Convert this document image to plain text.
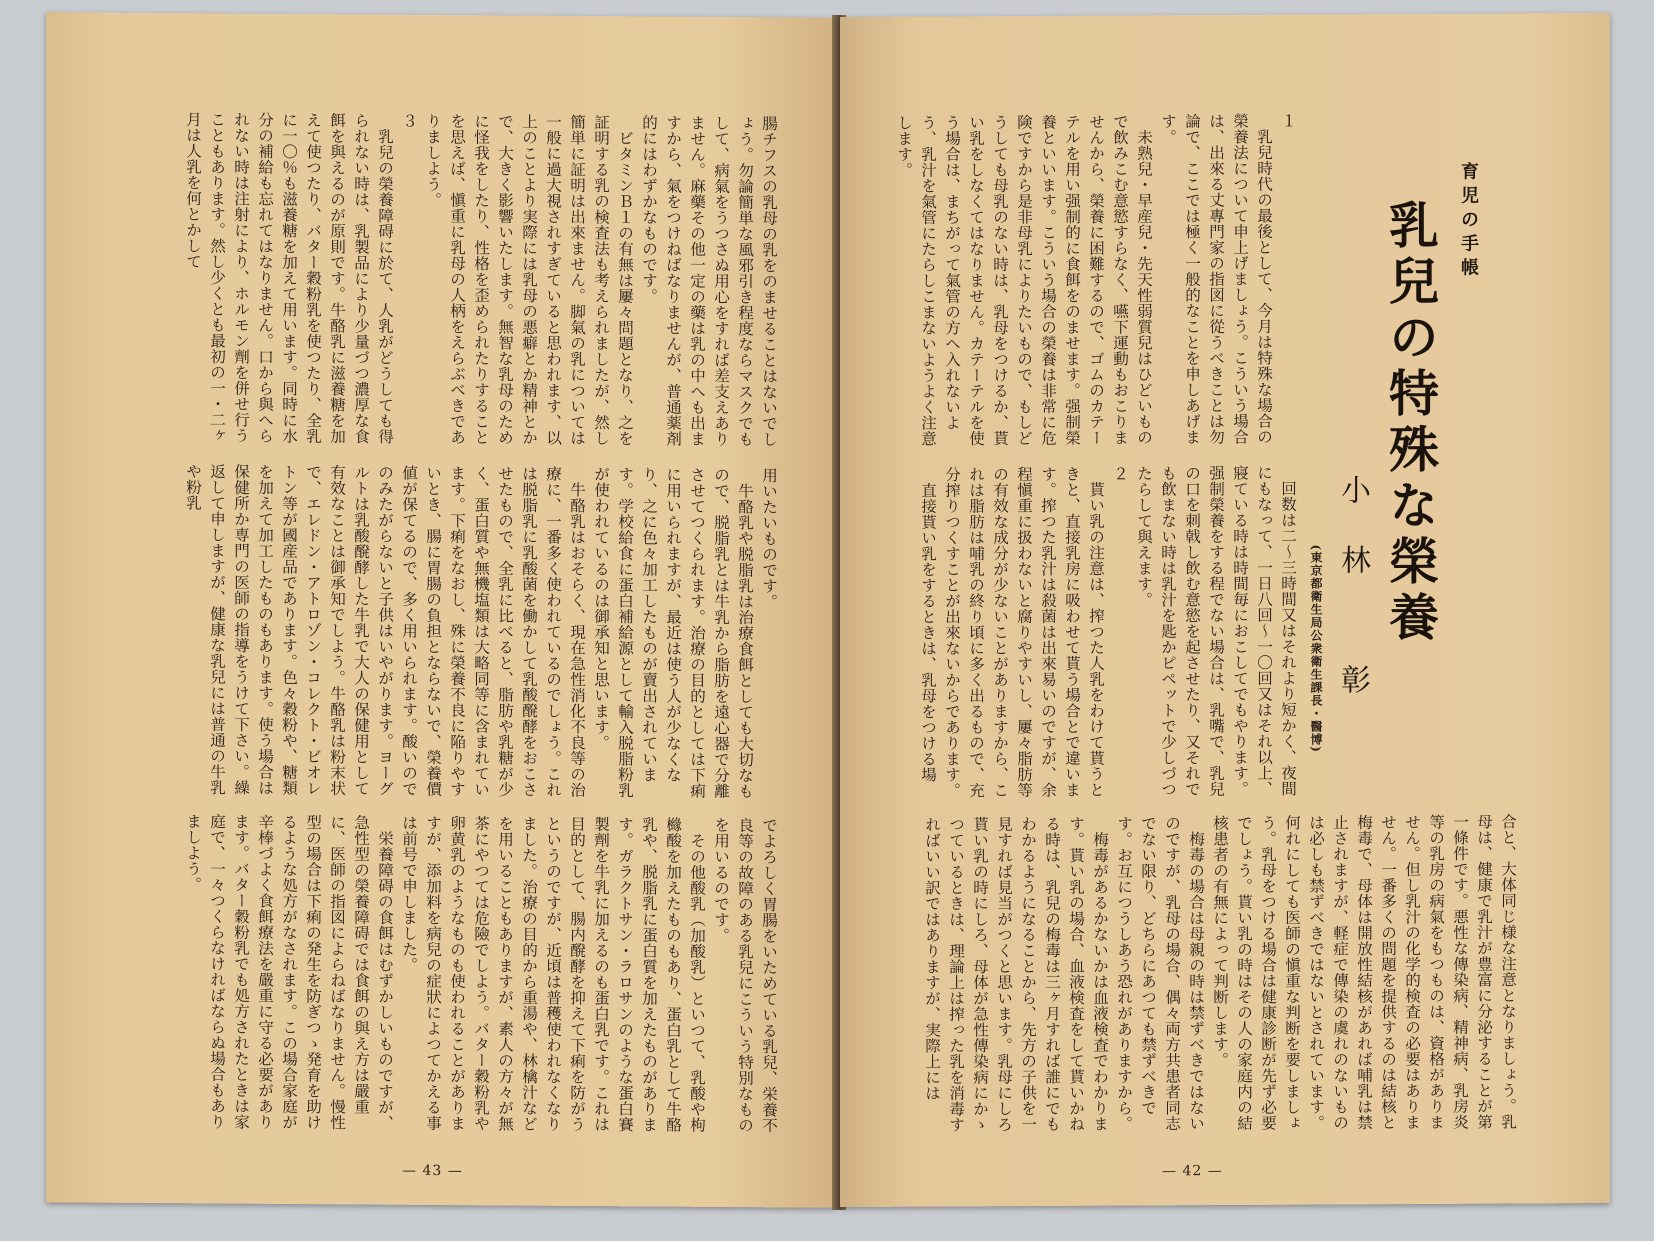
腸チフスの乳母の乳をのませることはないでしょう。勿論簡単な風邪引き程度ならマスクでもして、病氣をうつさぬ用心をすれば差支えありません。麻藥その他一定の藥は乳の中へも出ますから、氣をつけねばなりませんが、普通薬剤的にはわずかなものです。
　ビタミンＢ１の有無は屢々問題となり、之を証明する乳の検査法も考えられましたが、然し簡単に証明は出來ません。脚氣の乳については一般に過大視されすぎていると思われます、以上のことより実際には乳母の悪癖とか精神とかで、大きく影響いたします。無智な乳母のために怪我をしたり、性格を歪められたりすることを思えば、愼重に乳母の人柄をえらぶべきでありましよう。
３
　乳兒の榮養障碍に於て、人乳がどうしても得られない時は、乳製品により少量づつ濃厚な食餌を與えるのが原則です。牛酪乳に滋養糖を加えて使つたり、バター穀粉乳を使つたり、全乳に一〇％も滋養糖を加えて用います。同時に水分の補給も忘れてはなりません。口から與へられない時は注射により、ホルモン劑を併せ行うこともあります。然し少くとも最初の一・二ヶ月は人乳を何とかして
用いたいものです。
　牛酪乳や脱脂乳は治療食餌としても大切なもので、脱脂乳とは牛乳から脂肪を遠心器で分離させてつくられます。治療の目的としては下痢に用いられますが、最近は使う人が少なくなり、之に色々加工したものが賣出されています。学校給食に蛋白補給源として輸入脱脂粉乳が使われているのは御承知と思います。
　牛酪乳はおそらく、現在急性消化不良等の治療に、一番多く使われているのでしょう。これは脱脂乳に乳酸菌を働かして乳酸醗酵をおこさせたもので、全乳に比べると、脂肪や乳糖が少く、蛋白質や無機塩類は大略同等に含まれています。下痢をなおし、殊に榮養不良に陥りやすいとき、腸に胃腸の負担とならないで、榮養價値が保てるので、多く用いられます。酸いのでのみたがらないと子供はいやがります。ヨーグルトは乳酸醗酵した牛乳で大人の保健用として有效なことは御承知でしよう。牛酪乳は粉末状で、エレドン・アトロゾン・コレクト・ビオレトン等が國産品であります。色々穀粉や、糖類を加えて加工したものもあります。使う場合は保健所か専門の医師の指導をうけて下さい。繰返して申しますが、健康な乳兒には普通の牛乳や粉乳
でよろしく胃腸をいためている乳兒、栄養不良等の故障のある乳兒にこういう特別なものを用いるのです。
　その他酸乳（加酸乳）といつて、乳酸や枸櫞酸を加えたものもあり、蛋白乳として牛酪乳や、脱脂乳に蛋白質を加えたものがあります。ガラクトサン・ラロサンのような蛋白賽製劑を牛乳に加えるのも蛋白乳です。これは目的として、腸内醗酵を抑えて下痢を防がうというのですが、近頃は普穫使われなくなりました。治療の目的から重湯や、林檎汁などを用いることもありますが、素人の方々が無茶にやつては危險でしよう。バター穀粉乳や卵黄乳のようなものも使われることがありますが、添加料を病兒の症狀によつてかえる事は前号で申しました。
　栄養障碍の食餌はむずかしいものですが、急性型の榮養障碍では食餌の與え方は嚴重に、医師の指図によらねばなりません。慢性型の場合は下痢の発生を防ぎつゝ発育を助けるような処方がなされます。この場合家庭が辛棒づよく食餌療法を嚴重に守る必要があります。バター穀粉乳でも処方されたときは家庭で、一々つくらなければならぬ場合もありましよう。
— 43 —
育児の手帳
乳兒の特殊な榮養
小林 彰
(東京都衛生局公衆衛生課長・醫博)
１
　乳兒時代の最後として、今月は特殊な場合の榮養法について申上げましょう。こういう場合は、出來る丈專門家の指図に從うべきことは勿論で、ここでは極く一般的なことを申しあげます。
　未熟兒・早産兒・先天性弱質兒はひどいもので飲みこむ意慾すらなく、嚥下運動もおこりませんから、榮養に困難するので、ゴムのカテーテルを用い强制的に食餌をのませます。强制榮養といいます。こういう場合の榮養は非常に危険ですから是非母乳によりたいもので、もしどうしても母乳のない時は、乳母をつけるか、貰い乳をしなくてはなりません。カテーテルを使う場合は、まちがって氣管の方へ入れないよう、乳汁を氣管にたらしこまないようよく注意します。
　回数は二〜三時間又はそれより短かく、夜間にもなって、一日八回〜一〇回又はそれ以上、寢ている時は時間毎におこしてでもやります。强制榮養をする程でない場合は、乳嘴で、乳兒の口を刺戟し飲む意慾を起させたり、又それでも飲まない時は乳汁を匙かピペットで少しづつたらして與えます。
２
　貰い乳の注意は、搾つた人乳をわけて貰うときと、直接乳房に吸わせて貰う場合とで違います。搾つた乳汁は殺菌は出來易いのですが、余程愼重に扱わないと腐りやすいし、屢々脂肪等の有效な成分が少ないことがありますから、これは脂肪は哺乳の終り頃に多く出るもので、充分搾りつくすことが出來ないからであります。
　直接貰い乳をするときは、乳母をつける場
合と、大体同じ様な注意となりましょう。乳母は、健康で乳汁が豊富に分泌することが第一條件です。悪性な傳染病、精神病、乳房炎等の乳房の病氣をもつものは、資格がありません。但し乳汁の化学的検査の必要はありません。一番多くの問題を提供するのは結核と梅毒で、母体は開放性結核があれば哺乳は禁止されますが、軽症で傳染の虞れのないものは必しも禁ずべきではないとされています。何れにしても医師の愼重な判断を要しましょう。乳母をつける場合は健康診断が先ず必要でしょう。貰い乳の時はその人の家庭内の結核患者の有無によって判断します。
　梅毒の場合は母親の時は禁ずべきではないのですが、乳母の場合、偶々両方共患者同志でない限り、どちらにあつても禁ずべきです。お互につうしあう恐れがありますから。
　梅毒があるかないかは血液検査でわかります。貰い乳の場合、血液検査をして貰いかねる時は、乳兒の梅毒は三ヶ月すれば誰にでもわかるようになることから、先方の子供を一見すれば見当がつくと思います。乳母にしろ貰い乳の時にしろ、母体が急性傳染病にかゝつているときは、理論上は搾った乳を消毒すればいい訳ではありますが、実際上には
— 42 —
